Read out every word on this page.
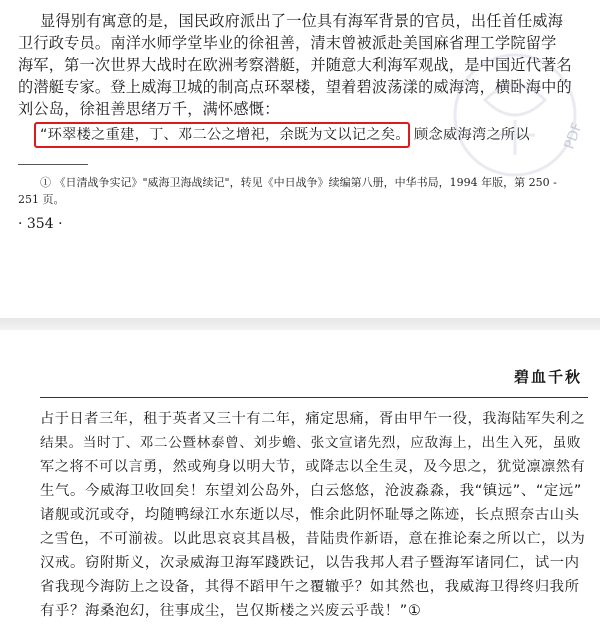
显得别有寓意的是，国民政府派出了一位具有海军背景的官员，出任首任威海
卫行政专员。南洋水师学堂毕业的徐祖善，清末曾被派赴美国麻省理工学院留学
海军，第一次世界大战时在欧洲考察潜艇，并随意大利海军观战，是中国近代著名
的潜艇专家。登上威海卫城的制高点环翠楼，望着碧波荡漾的威海湾，横卧海中的
刘公岛，徐祖善思绪万千，满怀感慨：
“环翠楼之重建，丁、邓二公之增祀，余既为文以记之矣。 顾念威海湾之所以
① 《日清战争实记》"威海卫海战续记"，转见《中日战争》续编第八册，中华书局，1994 年版，第 250 -
251 页。
· 354 ·
PDF
碧血千秋
占于日者三年，租于英者又三十有二年，痛定思痛，胥由甲午一役，我海陆军失利之
结果。当时丁、邓二公暨林泰曾、刘步蟾、张文宣诸先烈，应敌海上，出生入死，虽败
军之将不可以言勇，然或殉身以明大节，或降志以全生灵，及今思之，犹觉凛凛然有
生气。今威海卫收回矣！东望刘公岛外，白云悠悠，沧波淼淼，我“镇远”、“定远”
诸舰或沉或夺，均随鸭绿江水东逝以尽，惟余此阴怀耻辱之陈迹，长点照奈古山头
之雪色，不可湔祓。以此思哀哀其昌极，昔陆贵作新语，意在推论秦之所以亡，以为
汉戒。窃附斯义，次录威海卫海军踐跌记，以告我邦人君子暨海军诸同仁，试一内
省我现今海防上之设备，其得不蹈甲午之覆辙乎？如其然也，我威海卫得终归我所
有乎？海桑泡幻，往事成尘，岂仅斯楼之兴废云乎哉！”①
